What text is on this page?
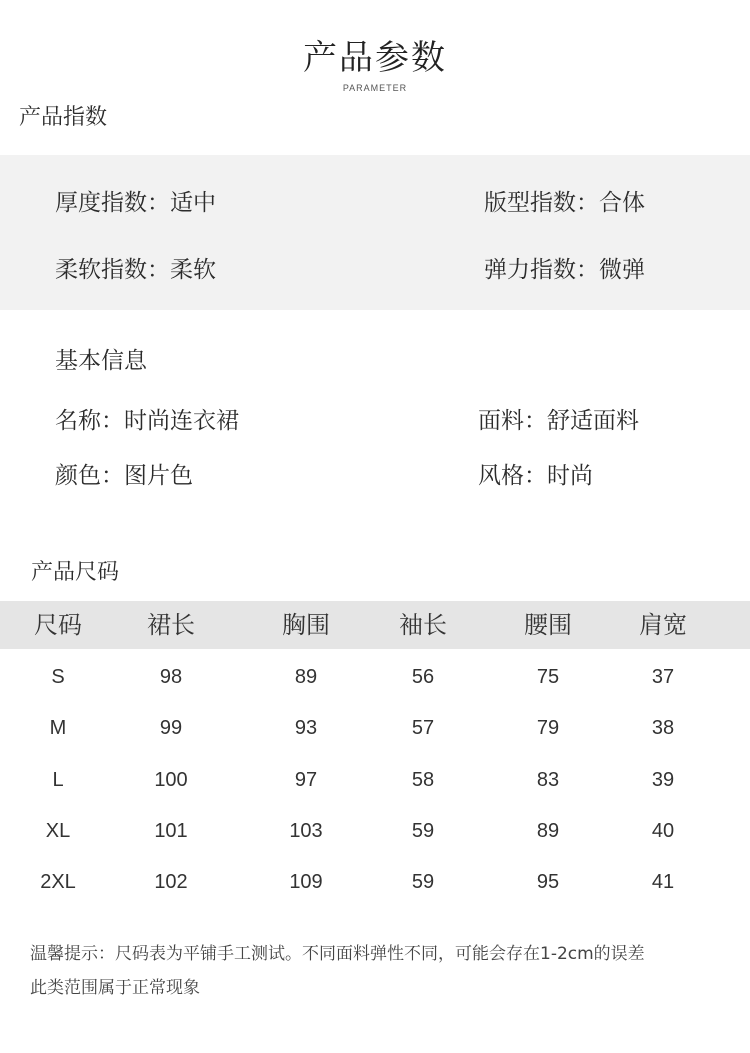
产品参数
PARAMETER
产品指数
厚度指数：适中	版型指数：合体
柔软指数：柔软	弹力指数：微弹
基本信息
名称：时尚连衣裙	面料：舒适面料
颜色：图片色	风格：时尚
产品尺码
尺码	裙长	胸围	袖长	腰围	肩宽
S	98	89	56	75	37
M	99	93	57	79	38
L	100	97	58	83	39
XL	101	103	59	89	40
2XL	102	109	59	95	41
温馨提示：尺码表为平铺手工测试。不同面料弹性不同，可能会存在1-2cm的误差
此类范围属于正常现象
